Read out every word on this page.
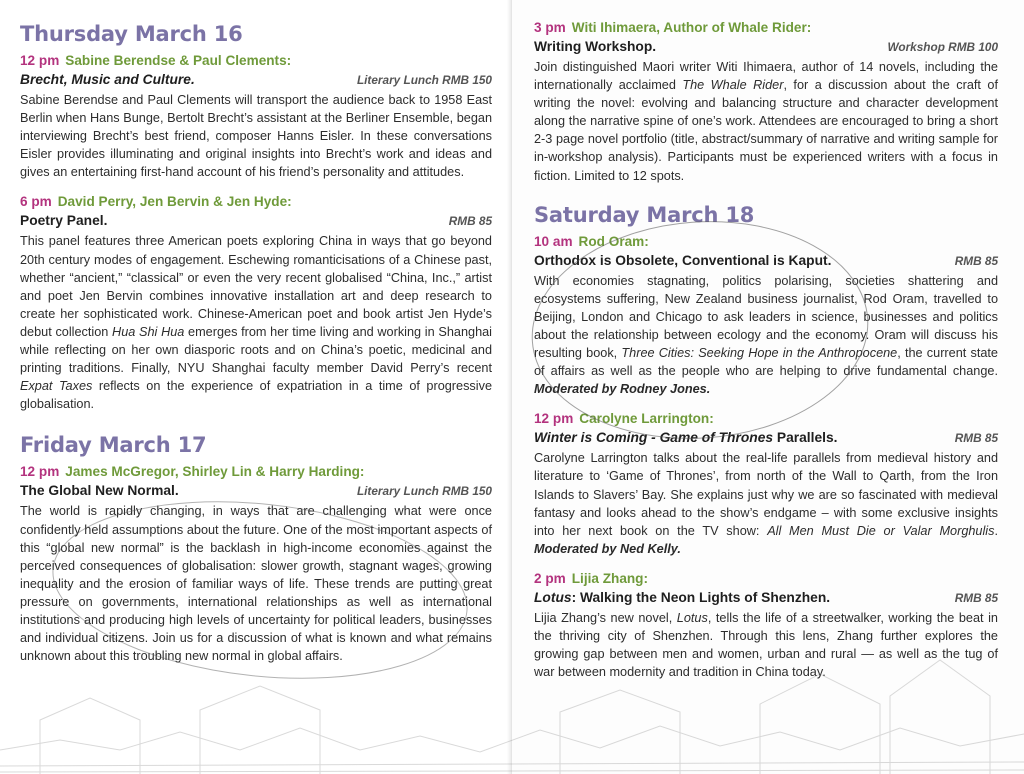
Thursday March 16
12 pm Sabine Berendse & Paul Clements:
Brecht, Music and Culture.	Literary Lunch RMB 150

Sabine Berendse and Paul Clements will transport the audience back to 1958 East Berlin when Hans Bunge, Bertolt Brecht’s assistant at the Berliner Ensemble, began interviewing Brecht’s best friend, composer Hanns Eisler. In these conversations Eisler provides illuminating and original insights into Brecht’s work and ideas and gives an entertaining first-hand account of his friend’s personality and attitudes.

6 pm David Perry, Jen Bervin & Jen Hyde:
Poetry Panel.	RMB 85

This panel features three American poets exploring China in ways that go beyond 20th century modes of engagement. Eschewing romanticisations of a Chinese past, whether “ancient,” “classical” or even the very recent globalised “China, Inc.,” artist and poet Jen Bervin combines innovative installation art and deep research to create her sophisticated work. Chinese-American poet and book artist Jen Hyde’s debut collection Hua Shi Hua emerges from her time living and working in Shanghai while reflecting on her own diasporic roots and on China’s poetic, medicinal and printing traditions. Finally, NYU Shanghai faculty member David Perry’s recent Expat Taxes reflects on the experience of expatriation in a time of progressive globalisation.

Friday March 17
12 pm James McGregor, Shirley Lin & Harry Harding:
The Global New Normal.	Literary Lunch RMB 150

The world is rapidly changing, in ways that are challenging what were once confidently held assumptions about the future. One of the most important aspects of this “global new normal” is the backlash in high-income economies against the perceived consequences of globalisation: slower growth, stagnant wages, growing inequality and the erosion of familiar ways of life. These trends are putting great pressure on governments, international relationships as well as international institutions and producing high levels of uncertainty for political leaders, businesses and individual citizens. Join us for a discussion of what is known and what remains unknown about this troubling new normal in global affairs.

3 pm Witi Ihimaera, Author of Whale Rider:
Writing Workshop.	Workshop RMB 100

Join distinguished Maori writer Witi Ihimaera, author of 14 novels, including the internationally acclaimed The Whale Rider, for a discussion about the craft of writing the novel: evolving and balancing structure and character development along the narrative spine of one’s work. Attendees are encouraged to bring a short 2-3 page novel portfolio (title, abstract/summary of narrative and writing sample for in-workshop analysis). Participants must be experienced writers with a focus in fiction. Limited to 12 spots.

Saturday March 18
10 am Rod Oram:
Orthodox is Obsolete, Conventional is Kaput.	RMB 85

With economies stagnating, politics polarising, societies shattering and ecosystems suffering, New Zealand business journalist, Rod Oram, travelled to Beijing, London and Chicago to ask leaders in science, businesses and politics about the relationship between ecology and the economy. Oram will discuss his resulting book, Three Cities: Seeking Hope in the Anthropocene, the current state of affairs as well as the people who are helping to drive fundamental change. Moderated by Rodney Jones.

12 pm Carolyne Larrington:
Winter is Coming - Game of Thrones Parallels.	RMB 85

Carolyne Larrington talks about the real-life parallels from medieval history and literature to ‘Game of Thrones’, from north of the Wall to Qarth, from the Iron Islands to Slavers’ Bay. She explains just why we are so fascinated with medieval fantasy and looks ahead to the show’s endgame – with some exclusive insights into her next book on the TV show: All Men Must Die or Valar Morghulis. Moderated by Ned Kelly.

2 pm Lijia Zhang:
Lotus: Walking the Neon Lights of Shenzhen.	RMB 85

Lijia Zhang’s new novel, Lotus, tells the life of a streetwalker, working the beat in the thriving city of Shenzhen. Through this lens, Zhang further explores the growing gap between men and women, urban and rural — as well as the tug of war between modernity and tradition in China today.
